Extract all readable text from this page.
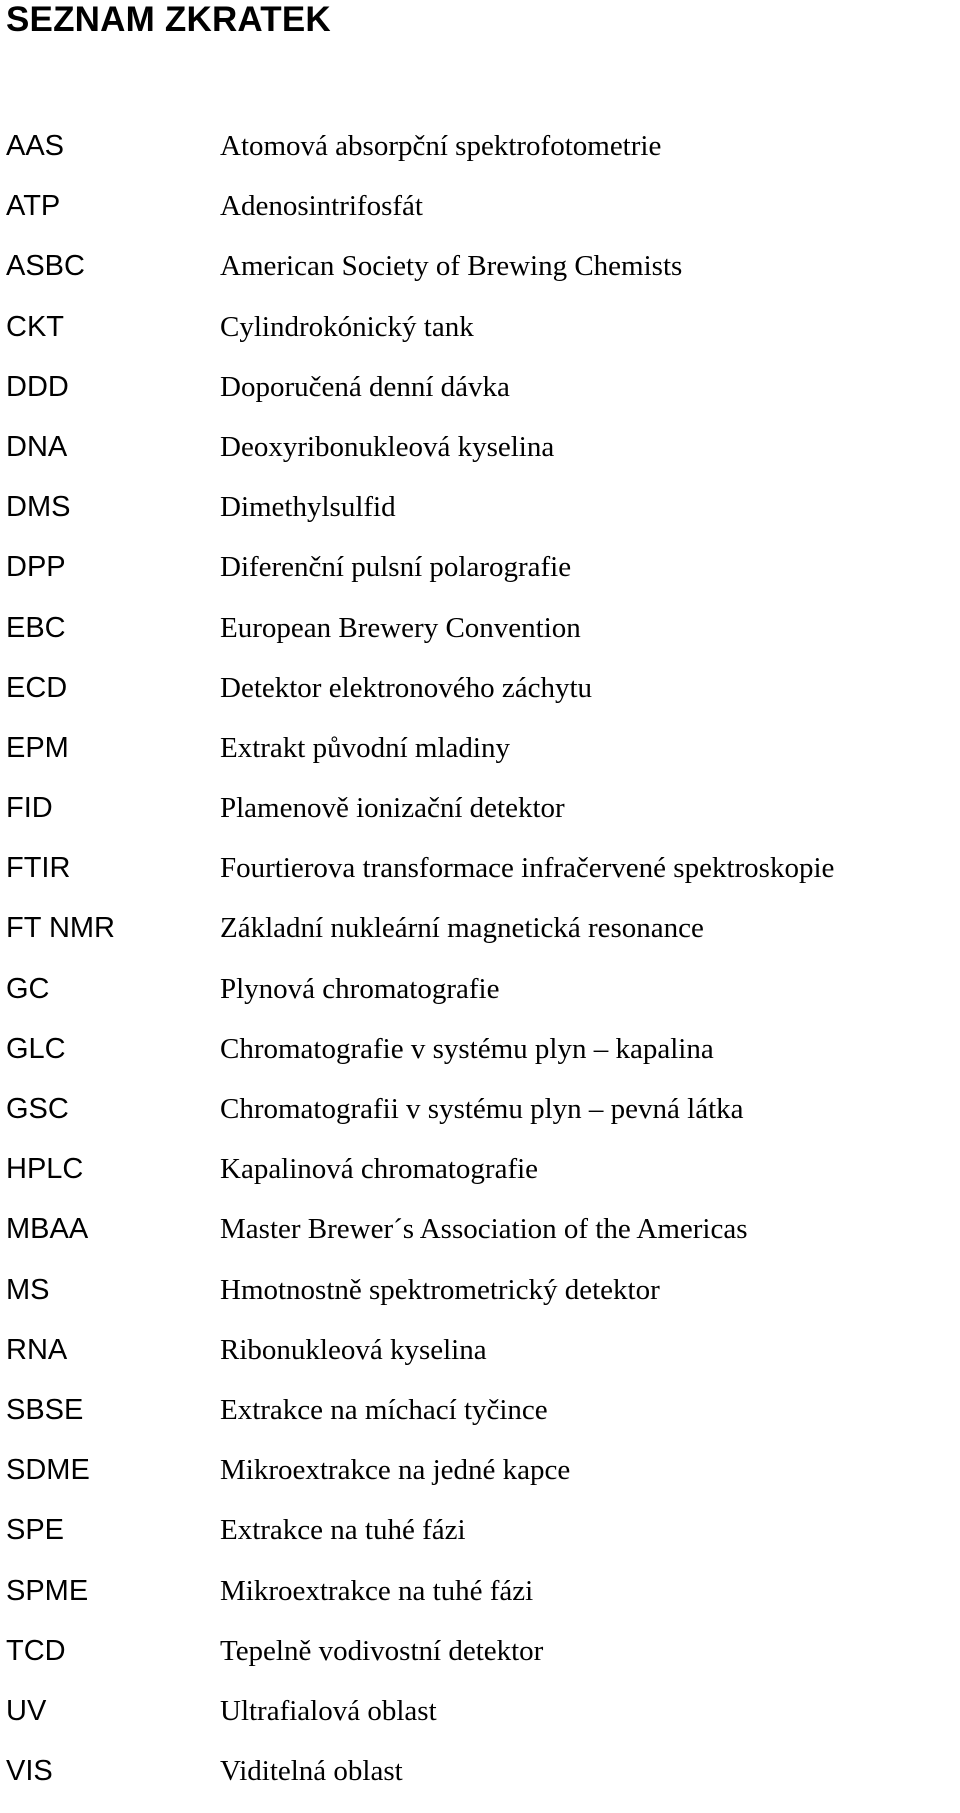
SEZNAM ZKRATEK
AAS	Atomová absorpční spektrofotometrie
ATP	Adenosintrifosfát
ASBC	American Society of Brewing Chemists
CKT	Cylindrokónický tank
DDD	Doporučená denní dávka
DNA	Deoxyribonukleová kyselina
DMS	Dimethylsulfid
DPP	Diferenční pulsní polarografie
EBC	European Brewery Convention
ECD	Detektor elektronového záchytu
EPM	Extrakt původní mladiny
FID	Plamenově ionizační detektor
FTIR	Fourtierova transformace infračervené spektroskopie
FT NMR	Základní nukleární magnetická resonance
GC	Plynová chromatografie
GLC	Chromatografie v systému plyn – kapalina
GSC	Chromatografii v systému plyn – pevná látka
HPLC	Kapalinová chromatografie
MBAA	Master Brewer´s Association of the Americas
MS	Hmotnostně spektrometrický detektor
RNA	Ribonukleová kyselina
SBSE	Extrakce na míchací tyčince
SDME	Mikroextrakce na jedné kapce
SPE	Extrakce na tuhé fázi
SPME	Mikroextrakce na tuhé fázi
TCD	Tepelně vodivostní detektor
UV	Ultrafialová oblast
VIS	Viditelná oblast
